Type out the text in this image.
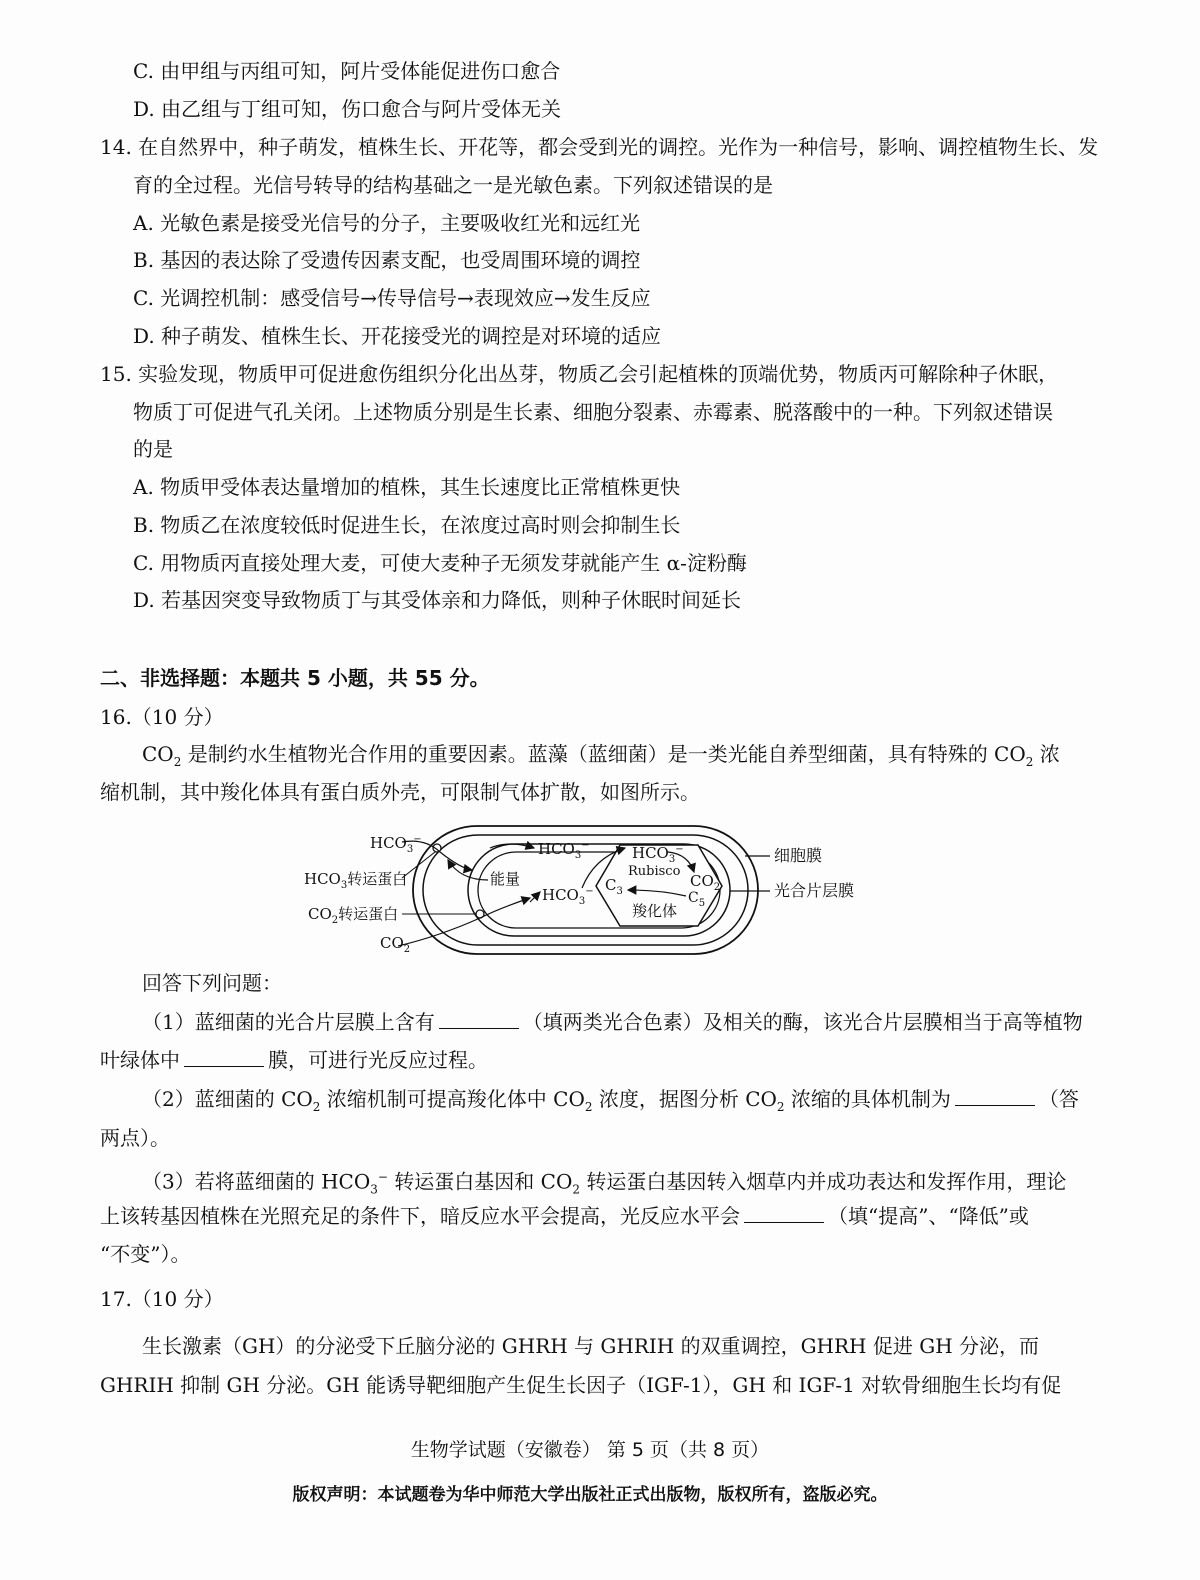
C. 由甲组与丙组可知，阿片受体能促进伤口愈合
D. 由乙组与丁组可知，伤口愈合与阿片受体无关
14. 在自然界中，种子萌发，植株生长、开花等，都会受到光的调控。光作为一种信号，影响、调控植物生长、发
育的全过程。光信号转导的结构基础之一是光敏色素。下列叙述错误的是
A. 光敏色素是接受光信号的分子，主要吸收红光和远红光
B. 基因的表达除了受遗传因素支配，也受周围环境的调控
C. 光调控机制：感受信号→传导信号→表现效应→发生反应
D. 种子萌发、植株生长、开花接受光的调控是对环境的适应
15. 实验发现，物质甲可促进愈伤组织分化出丛芽，物质乙会引起植株的顶端优势，物质丙可解除种子休眠，
物质丁可促进气孔关闭。上述物质分别是生长素、细胞分裂素、赤霉素、脱落酸中的一种。下列叙述错误
的是
A. 物质甲受体表达量增加的植株，其生长速度比正常植株更快
B. 物质乙在浓度较低时促进生长，在浓度过高时则会抑制生长
C. 用物质丙直接处理大麦，可使大麦种子无须发芽就能产生 α-淀粉酶
D. 若基因突变导致物质丁与其受体亲和力降低，则种子休眠时间延长
二、非选择题：本题共 5 小题，共 55 分。
16.（10 分）
$CO_2$ 是制约水生植物光合作用的重要因素。蓝藻（蓝细菌）是一类光能自养型细菌，具有特殊的 $CO_2$ 浓
缩机制，其中羧化体具有蛋白质外壳，可限制气体扩散，如图所示。
$HCO_3^-$
$HCO_3$转运蛋白
$CO_2$转运蛋白
$CO_2$
$HCO_3^-$
能量
$HCO_3^-$
$HCO_3^-$
Rubisco
$CO_2$
$C_3$	$C_5$
羧化体
细胞膜
光合片层膜
回答下列问题：
（1）蓝细菌的光合片层膜上含有	（填两类光合色素）及相关的酶，该光合片层膜相当于高等植物
叶绿体中	膜，可进行光反应过程。
（2）蓝细菌的 $CO_2$ 浓缩机制可提高羧化体中 $CO_2$ 浓度，据图分析 $CO_2$ 浓缩的具体机制为	（答
两点）。
（3）若将蓝细菌的 $HCO_3^-$ 转运蛋白基因和 $CO_2$ 转运蛋白基因转入烟草内并成功表达和发挥作用，理论
上该转基因植株在光照充足的条件下，暗反应水平会提高，光反应水平会	（填“提高”、“降低”或
“不变”）。
17.（10 分）
生长激素（GH）的分泌受下丘脑分泌的 GHRH 与 GHRIH 的双重调控，GHRH 促进 GH 分泌，而
GHRIH 抑制 GH 分泌。GH 能诱导靶细胞产生促生长因子（IGF-1），GH 和 IGF-1 对软骨细胞生长均有促
生物学试题（安徽卷） 第 5 页（共 8 页）
版权声明：本试题卷为华中师范大学出版社正式出版物，版权所有，盗版必究。
